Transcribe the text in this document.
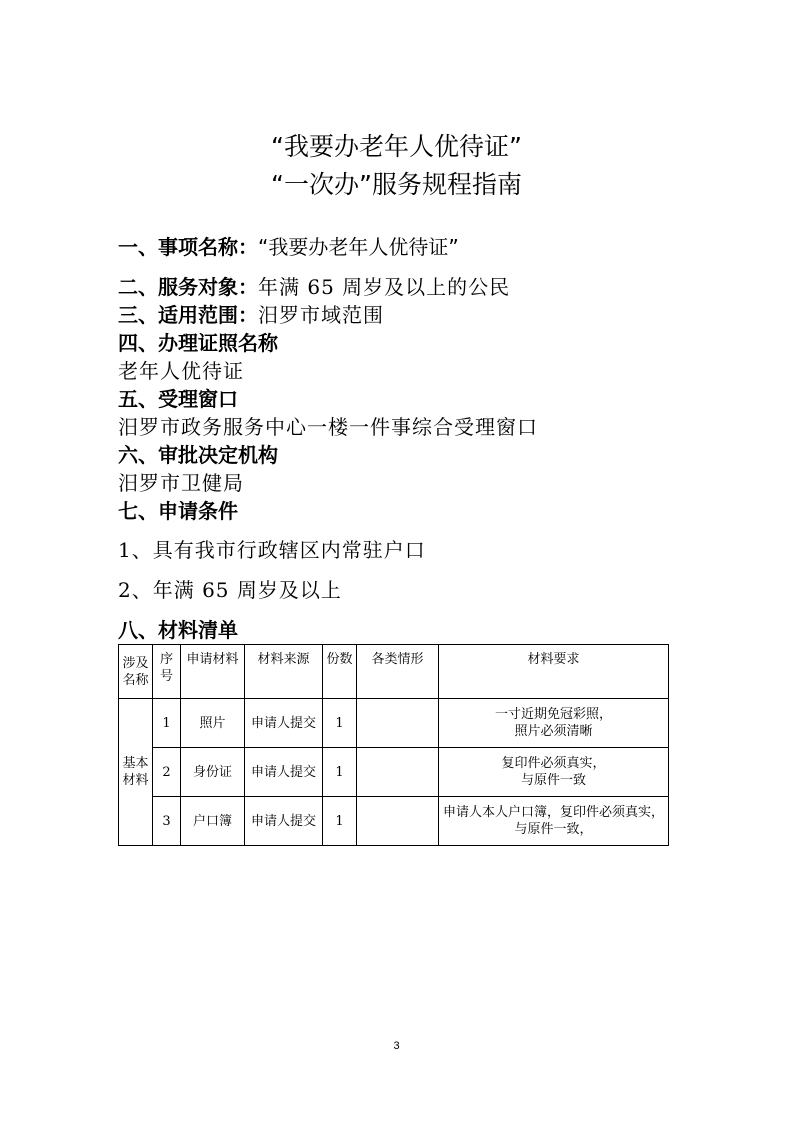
“我要办老年人优待证”
“一次办”服务规程指南
一、事项名称：“我要办老年人优待证”
二、服务对象：年满 65 周岁及以上的公民
三、适用范围：汨罗市域范围
四、办理证照名称
老年人优待证
五、受理窗口
汨罗市政务服务中心一楼一件事综合受理窗口
六、审批决定机构
汨罗市卫健局
七、申请条件
1、具有我市行政辖区内常驻户口
2、年满 65 周岁及以上
八、材料清单
涉及
名称	序号	申请材料	材料来源	份数	各类情形	材料要求
基本
材料	1	照片	申请人提交	1		一寸近期免冠彩照，
照片必须清晰
	2	身份证	申请人提交	1		复印件必须真实，
与原件一致
	3	户口簿	申请人提交	1		申请人本人户口簿，复印件必须真实，
与原件一致，
3
